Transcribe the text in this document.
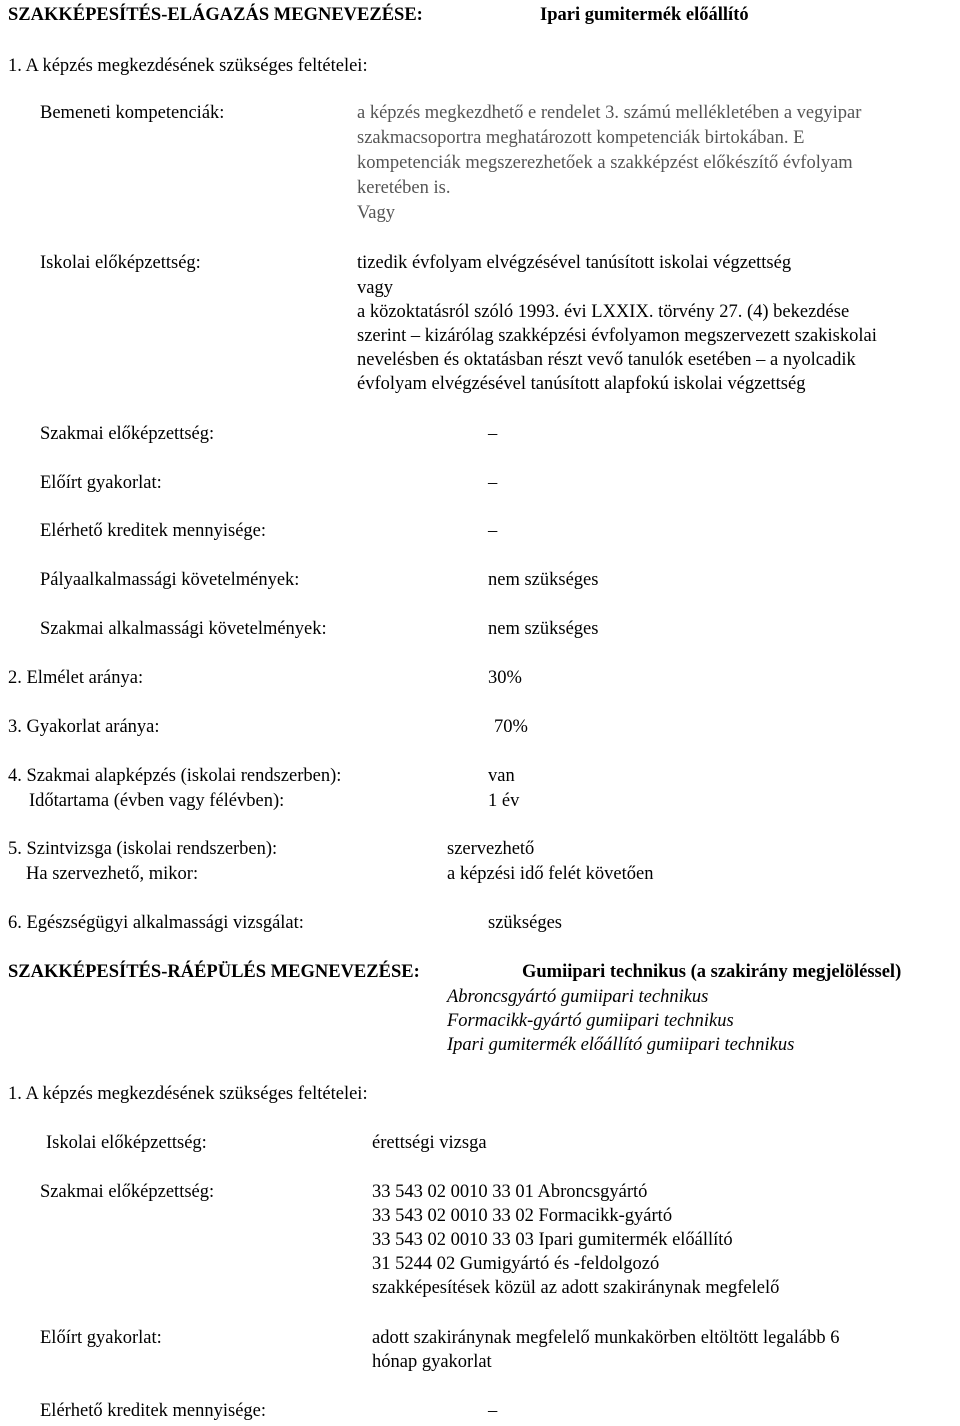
SZAKKÉPESÍTÉS-ELÁGAZÁS MEGNEVEZÉSE:	Ipari gumitermék előállító
1. A képzés megkezdésének szükséges feltételei:
Bemeneti kompetenciák:	a képzés megkezdhető e rendelet 3. számú mellékletében a vegyipar
szakmacsoportra meghatározott kompetenciák birtokában. E
kompetenciák megszerezhetőek a szakképzést előkészítő évfolyam
keretében is.
Vagy
Iskolai előképzettség:	tizedik évfolyam elvégzésével tanúsított iskolai végzettség
vagy
a közoktatásról szóló 1993. évi LXXIX. törvény 27. (4) bekezdése
szerint – kizárólag szakképzési évfolyamon megszervezett szakiskolai
nevelésben és oktatásban részt vevő tanulók esetében – a nyolcadik
évfolyam elvégzésével tanúsított alapfokú iskolai végzettség
Szakmai előképzettség:	–
Előírt gyakorlat:	–
Elérhető kreditek mennyisége:	–
Pályaalkalmassági követelmények:	nem szükséges
Szakmai alkalmassági követelmények:	nem szükséges
2. Elmélet aránya:	30%
3. Gyakorlat aránya:	70%
4. Szakmai alapképzés (iskolai rendszerben):	van
Időtartama (évben vagy félévben):	1 év
5. Szintvizsga (iskolai rendszerben):	szervezhető
Ha szervezhető, mikor:	a képzési idő felét követően
6. Egészségügyi alkalmassági vizsgálat:	szükséges
SZAKKÉPESÍTÉS-RÁÉPÜLÉS MEGNEVEZÉSE:	Gumiipari technikus (a szakirány megjelöléssel)
Abroncsgyártó gumiipari technikus
Formacikk-gyártó gumiipari technikus
Ipari gumitermék előállító gumiipari technikus
1. A képzés megkezdésének szükséges feltételei:
Iskolai előképzettség:	érettségi vizsga
Szakmai előképzettség:	33 543 02 0010 33 01 Abroncsgyártó
33 543 02 0010 33 02 Formacikk-gyártó
33 543 02 0010 33 03 Ipari gumitermék előállító
31 5244 02 Gumigyártó és -feldolgozó
szakképesítések közül az adott szakiránynak megfelelő
Előírt gyakorlat:	adott szakiránynak megfelelő munkakörben eltöltött legalább 6
hónap gyakorlat
Elérhető kreditek mennyisége:	–
